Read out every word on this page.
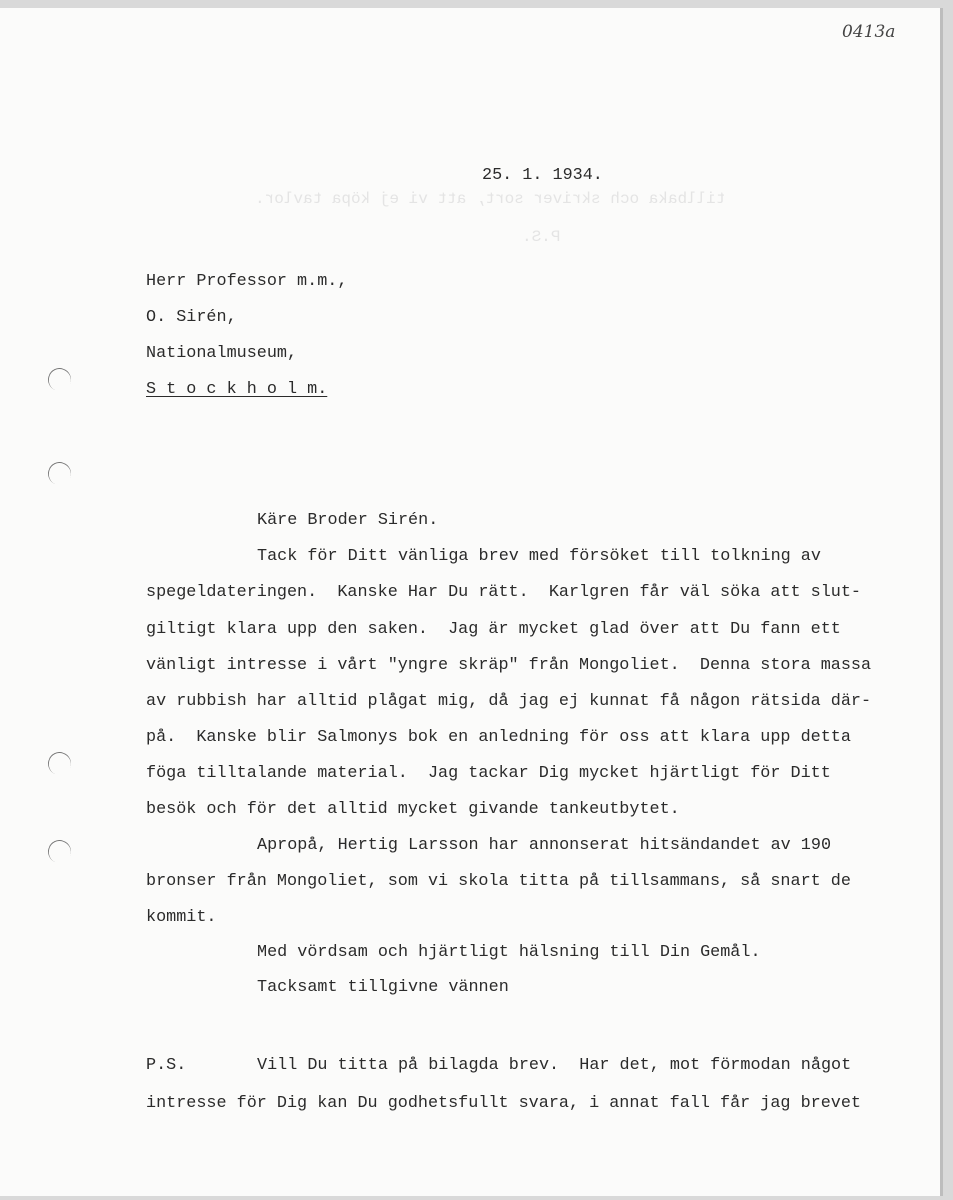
0413a
tillbaka och skriver sort, att vi ej köpa tavlor.
P.S.
25. 1. 1934.
Herr Professor m.m.,
O. Sirén,
Nationalmuseum,
S t o c k h o l m.
Käre Broder Sirén.
Tack för Ditt vänliga brev med försöket till tolkning av
spegeldateringen.  Kanske Har Du rätt.  Karlgren får väl söka att slut-
giltigt klara upp den saken.  Jag är mycket glad över att Du fann ett
vänligt intresse i vårt "yngre skräp" från Mongoliet.  Denna stora massa
av rubbish har alltid plågat mig, då jag ej kunnat få någon rätsida där-
på.  Kanske blir Salmonys bok en anledning för oss att klara upp detta
föga tilltalande material.  Jag tackar Dig mycket hjärtligt för Ditt
besök och för det alltid mycket givande tankeutbytet.
Apropå, Hertig Larsson har annonserat hitsändandet av 190
bronser från Mongoliet, som vi skola titta på tillsammans, så snart de
kommit.
Med vördsam och hjärtligt hälsning till Din Gemål.
Tacksamt tillgivne vännen
P.S.	Vill Du titta på bilagda brev.  Har det, mot förmodan något
intresse för Dig kan Du godhetsfullt svara, i annat fall får jag brevet
